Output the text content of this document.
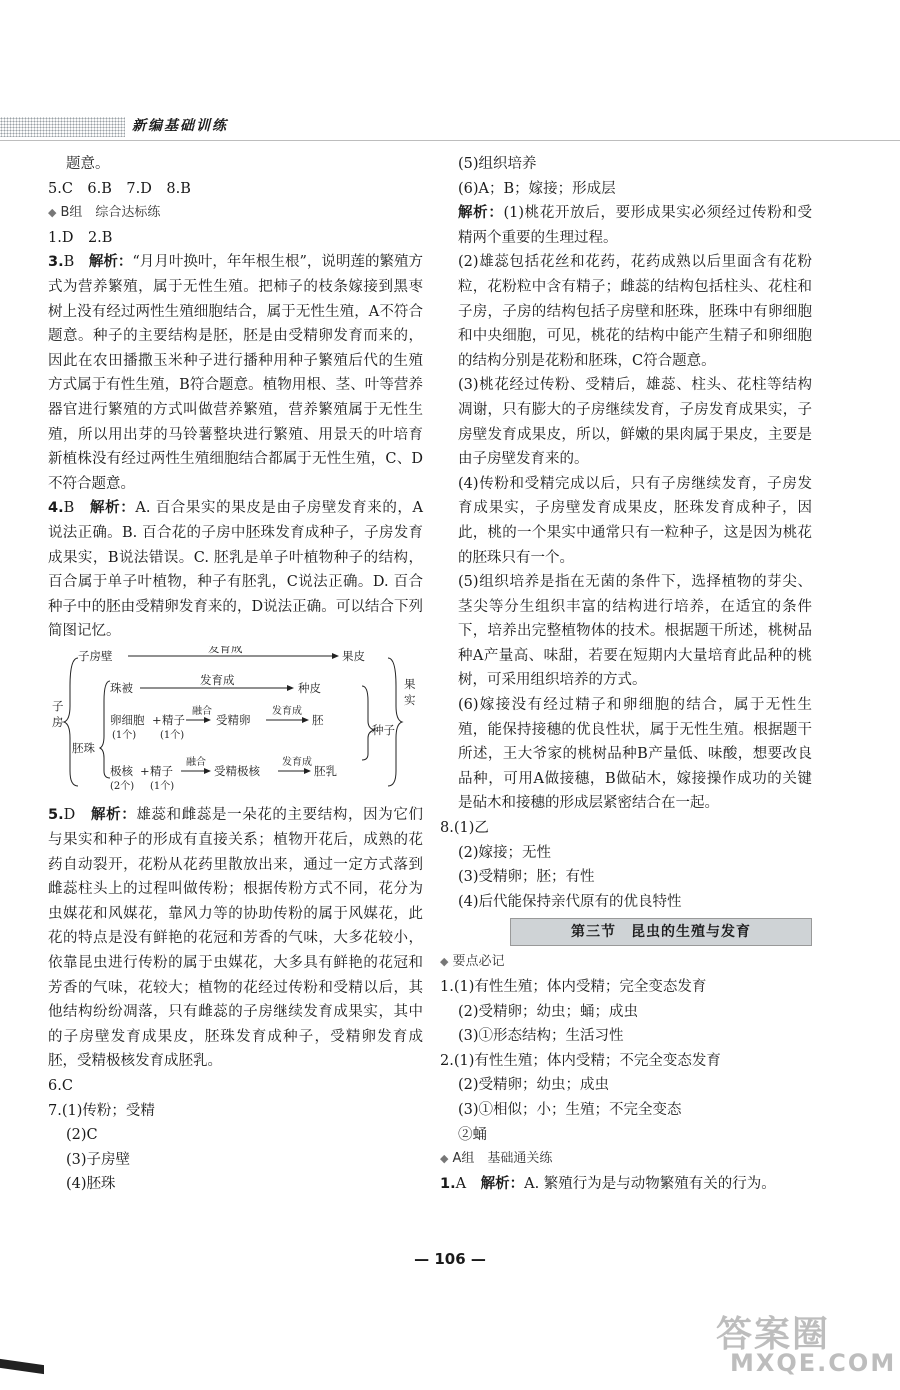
新编基础训练

题意。

5.C　6.B　7.D　8.B

◆ B组　综合达标练

1.D　2.B

3.B　 解析：“月月叶换叶，年年根生根”，说明莲的繁殖方式为营养繁殖，属于无性生殖。把柿子的枝条嫁接到黑枣树上没有经过两性生殖细胞结合，属于无性生殖，A不符合题意。种子的主要结构是胚，胚是由受精卵发育而来的，因此在农田播撒玉米种子进行播种用种子繁殖后代的生殖方式属于有性生殖，B符合题意。植物用根、茎、叶等营养器官进行繁殖的方式叫做营养繁殖，营养繁殖属于无性生殖，所以用出芽的马铃薯整块进行繁殖、用景天的叶培育新植株没有经过两性生殖细胞结合都属于无性生殖，C、D不符合题意。

4.B　 解析：A. 百合果实的果皮是由子房壁发育来的，A说法正确。B. 百合花的子房中胚珠发育成种子，子房发育成果实，B说法错误。C. 胚乳是单子叶植物种子的结构，百合属于单子叶植物，种子有胚乳，C说法正确。D. 百合种子中的胚由受精卵发育来的，D说法正确。可以结合下列简图记忆。

子房壁
发育成
果皮
子
房
果
实
珠被
发育成
种皮
胚珠
卵细胞 + 精子
融合
受精卵
发育成
胚
(1个) (1个)	种子
极核 + 精子
融合
受精极核
发育成
胚乳
(2个) (1个)

5.D　 解析：雄蕊和雌蕊是一朵花的主要结构，因为它们与果实和种子的形成有直接关系；植物开花后，成熟的花药自动裂开，花粉从花药里散放出来，通过一定方式落到雌蕊柱头上的过程叫做传粉；根据传粉方式不同，花分为虫媒花和风媒花，靠风力等的协助传粉的属于风媒花，此花的特点是没有鲜艳的花冠和芳香的气味，大多花较小，依靠昆虫进行传粉的属于虫媒花，大多具有鲜艳的花冠和芳香的气味，花较大；植物的花经过传粉和受精以后，其他结构纷纷凋落，只有雌蕊的子房继续发育成果实，其中的子房壁发育成果皮，胚珠发育成种子，受精卵发育成胚，受精极核发育成胚乳。

6.C

7.(1)传粉；受精

(2)C

(3)子房壁

(4)胚珠

(5)组织培养

(6)A；B；嫁接；形成层

解析：(1)桃花开放后，要形成果实必须经过传粉和受精两个重要的生理过程。

(2)雄蕊包括花丝和花药，花药成熟以后里面含有花粉粒，花粉粒中含有精子；雌蕊的结构包括柱头、花柱和子房，子房的结构包括子房壁和胚珠，胚珠中有卵细胞和中央细胞，可见，桃花的结构中能产生精子和卵细胞的结构分别是花粉和胚珠，C符合题意。

(3)桃花经过传粉、受精后，雄蕊、柱头、花柱等结构凋谢，只有膨大的子房继续发育，子房发育成果实，子房壁发育成果皮，所以，鲜嫩的果肉属于果皮，主要是由子房壁发育来的。

(4)传粉和受精完成以后，只有子房继续发育，子房发育成果实，子房壁发育成果皮，胚珠发育成种子，因此，桃的一个果实中通常只有一粒种子，这是因为桃花的胚珠只有一个。

(5)组织培养是指在无菌的条件下，选择植物的芽尖、茎尖等分生组织丰富的结构进行培养，在适宜的条件下，培养出完整植物体的技术。根据题干所述，桃树品种A产量高、味甜，若要在短期内大量培育此品种的桃树，可采用组织培养的方式。

(6)嫁接没有经过精子和卵细胞的结合，属于无性生殖，能保持接穗的优良性状，属于无性生殖。根据题干所述，王大爷家的桃树品种B产量低、味酸，想要改良品种，可用A做接穗，B做砧木，嫁接操作成功的关键是砧木和接穗的形成层紧密结合在一起。

8.(1)乙

(2)嫁接；无性

(3)受精卵；胚；有性

(4)后代能保持亲代原有的优良特性

第三节　昆虫的生殖与发育

◆ 要点必记

1.(1)有性生殖；体内受精；完全变态发育

(2)受精卵；幼虫；蛹；成虫

(3)①形态结构；生活习性

2.(1)有性生殖；体内受精；不完全变态发育

(2)受精卵；幼虫；成虫

(3)①相似；小；生殖；不完全变态

②蛹

◆ A组　基础通关练

1.A　 解析：A. 繁殖行为是与动物繁殖有关的行为。

— 106 —
答案圈
MXQE.COM
